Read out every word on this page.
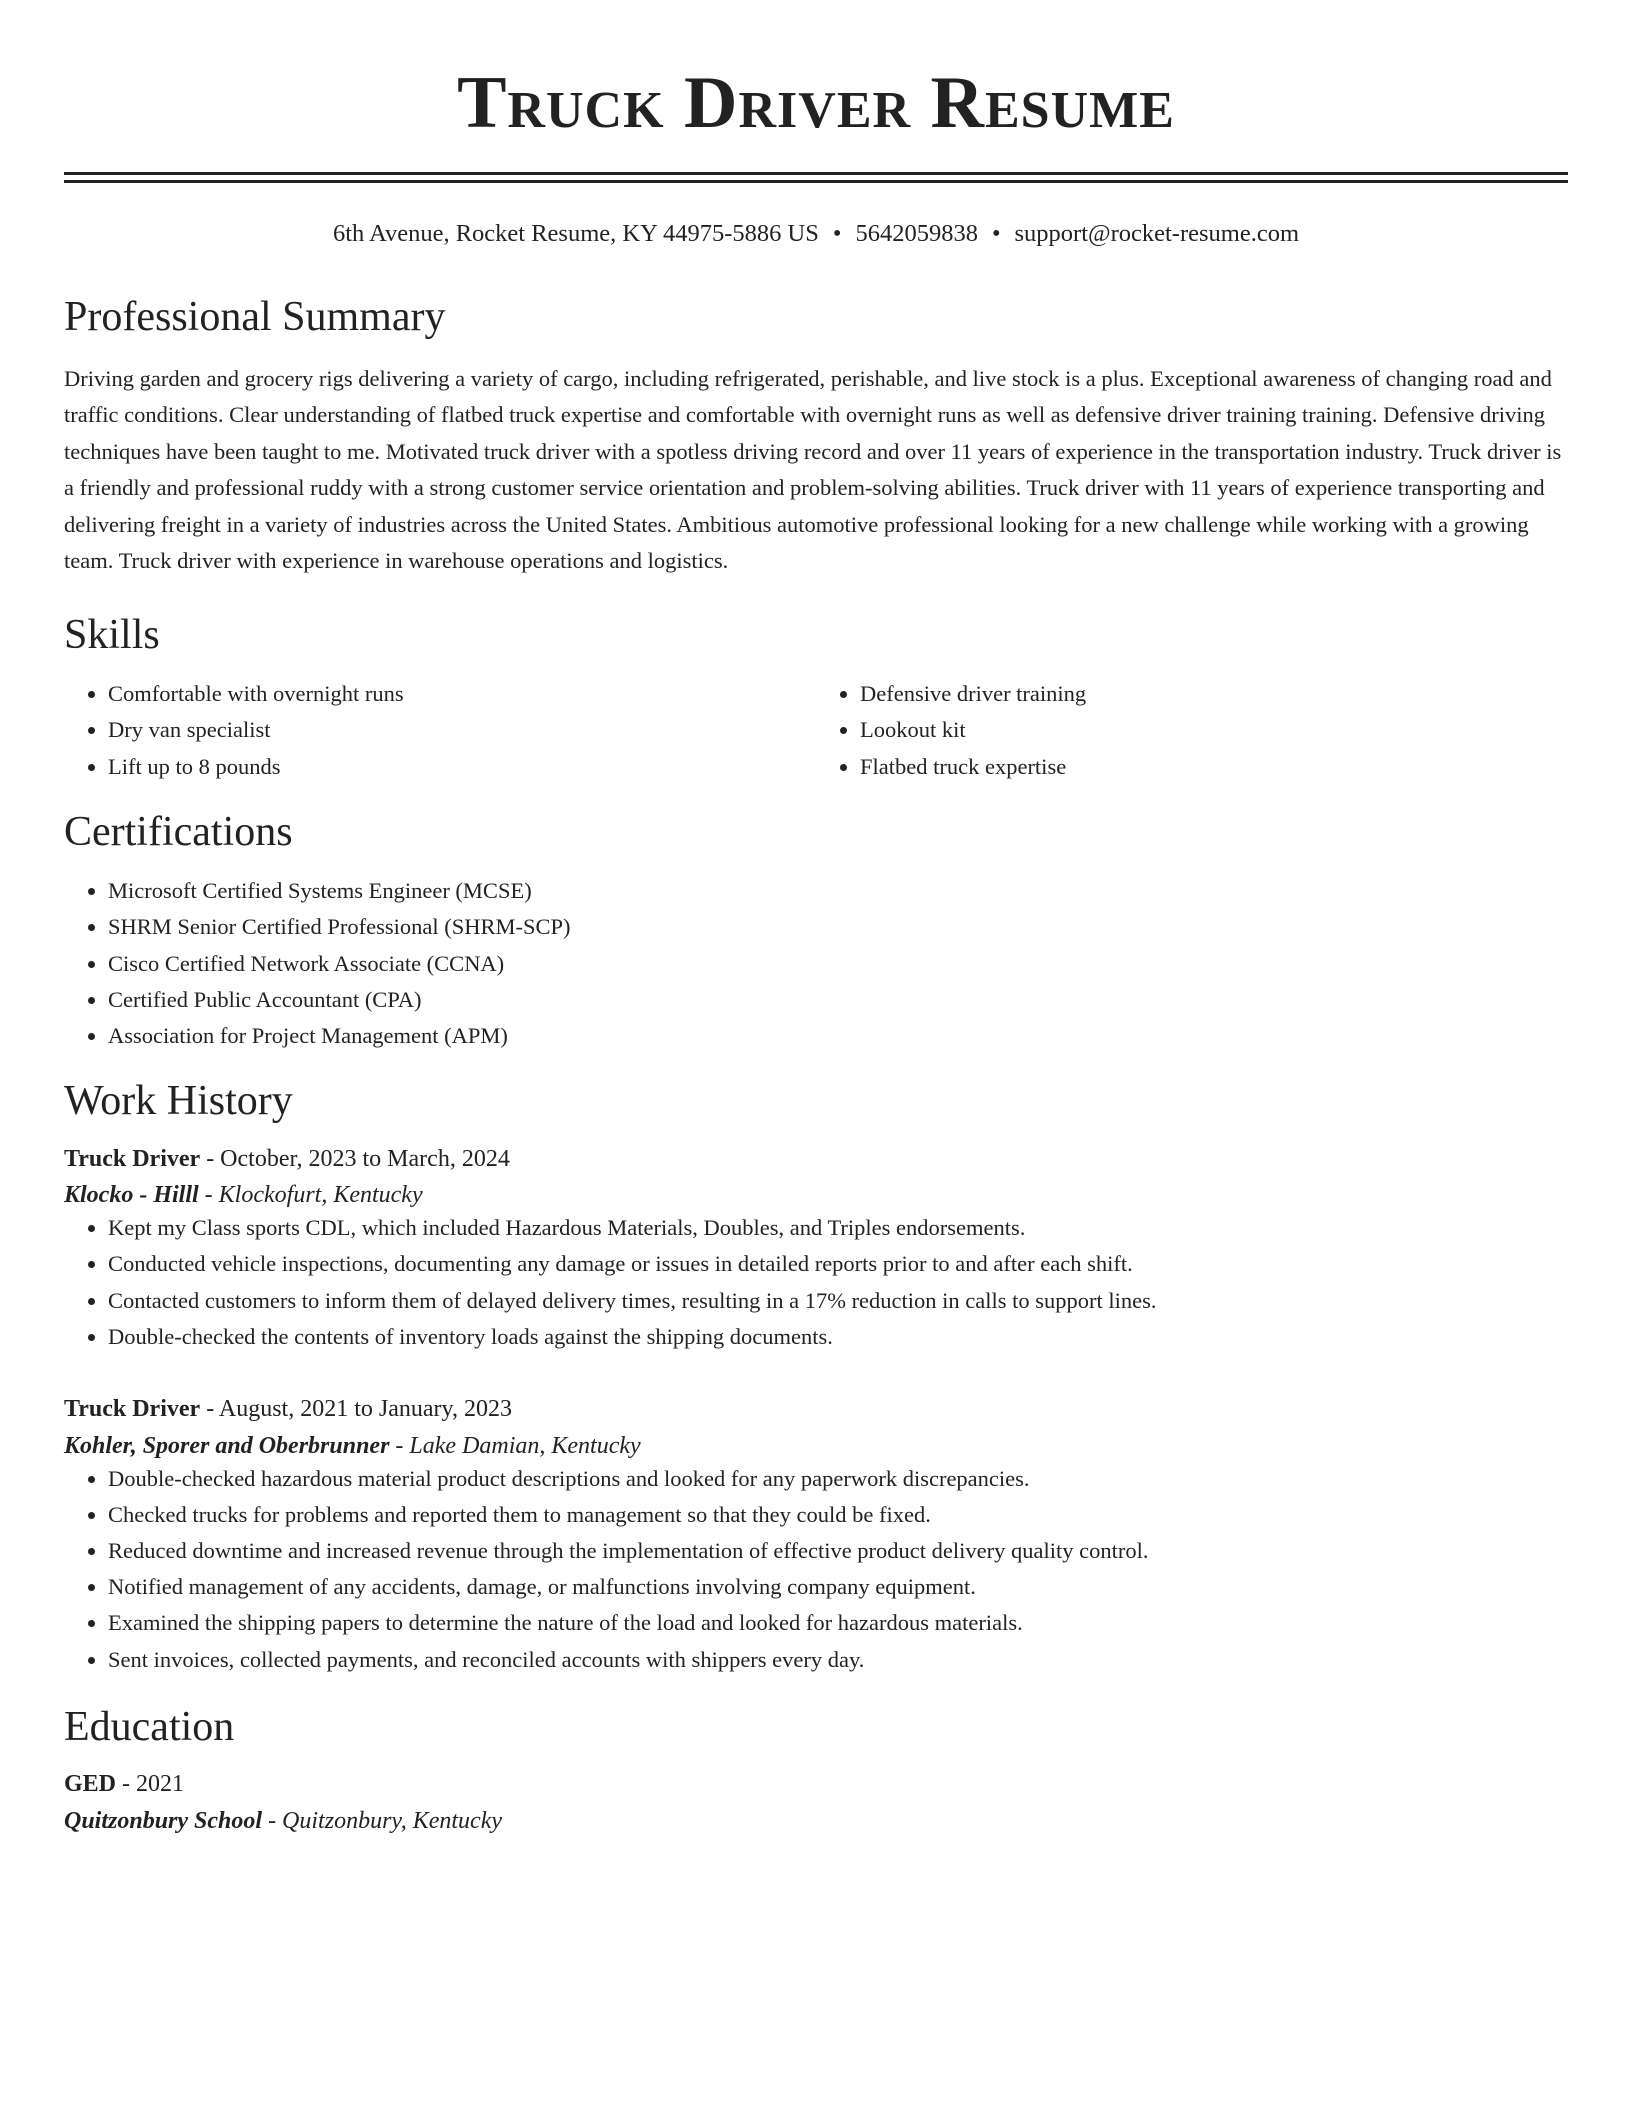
Truck Driver Resume
6th Avenue, Rocket Resume, KY 44975-5886 US • 5642059838 • support@rocket-resume.com
Professional Summary

Driving garden and grocery rigs delivering a variety of cargo, including refrigerated, perishable, and live stock is a plus. Exceptional awareness of changing road and traffic conditions. Clear understanding of flatbed truck expertise and comfortable with overnight runs as well as defensive driver training training. Defensive driving techniques have been taught to me. Motivated truck driver with a spotless driving record and over 11 years of experience in the transportation industry. Truck driver is a friendly and professional ruddy with a strong customer service orientation and problem-solving abilities. Truck driver with 11 years of experience transporting and delivering freight in a variety of industries across the United States. Ambitious automotive professional looking for a new challenge while working with a growing team. Truck driver with experience in warehouse operations and logistics.

Skills
• Comfortable with overnight runs
• Dry van specialist
• Lift up to 8 pounds
• Defensive driver training
• Lookout kit
• Flatbed truck expertise
Certifications
• Microsoft Certified Systems Engineer (MCSE)
• SHRM Senior Certified Professional (SHRM-SCP)
• Cisco Certified Network Associate (CCNA)
• Certified Public Accountant (CPA)
• Association for Project Management (APM)
Work History
Truck Driver - October, 2023 to March, 2024
Klocko - Hilll - Klockofurt, Kentucky
• Kept my Class sports CDL, which included Hazardous Materials, Doubles, and Triples endorsements.
• Conducted vehicle inspections, documenting any damage or issues in detailed reports prior to and after each shift.
• Contacted customers to inform them of delayed delivery times, resulting in a 17% reduction in calls to support lines.
• Double-checked the contents of inventory loads against the shipping documents.
Truck Driver - August, 2021 to January, 2023
Kohler, Sporer and Oberbrunner - Lake Damian, Kentucky
• Double-checked hazardous material product descriptions and looked for any paperwork discrepancies.
• Checked trucks for problems and reported them to management so that they could be fixed.
• Reduced downtime and increased revenue through the implementation of effective product delivery quality control.
• Notified management of any accidents, damage, or malfunctions involving company equipment.
• Examined the shipping papers to determine the nature of the load and looked for hazardous materials.
• Sent invoices, collected payments, and reconciled accounts with shippers every day.
Education
GED - 2021
Quitzonbury School - Quitzonbury, Kentucky
